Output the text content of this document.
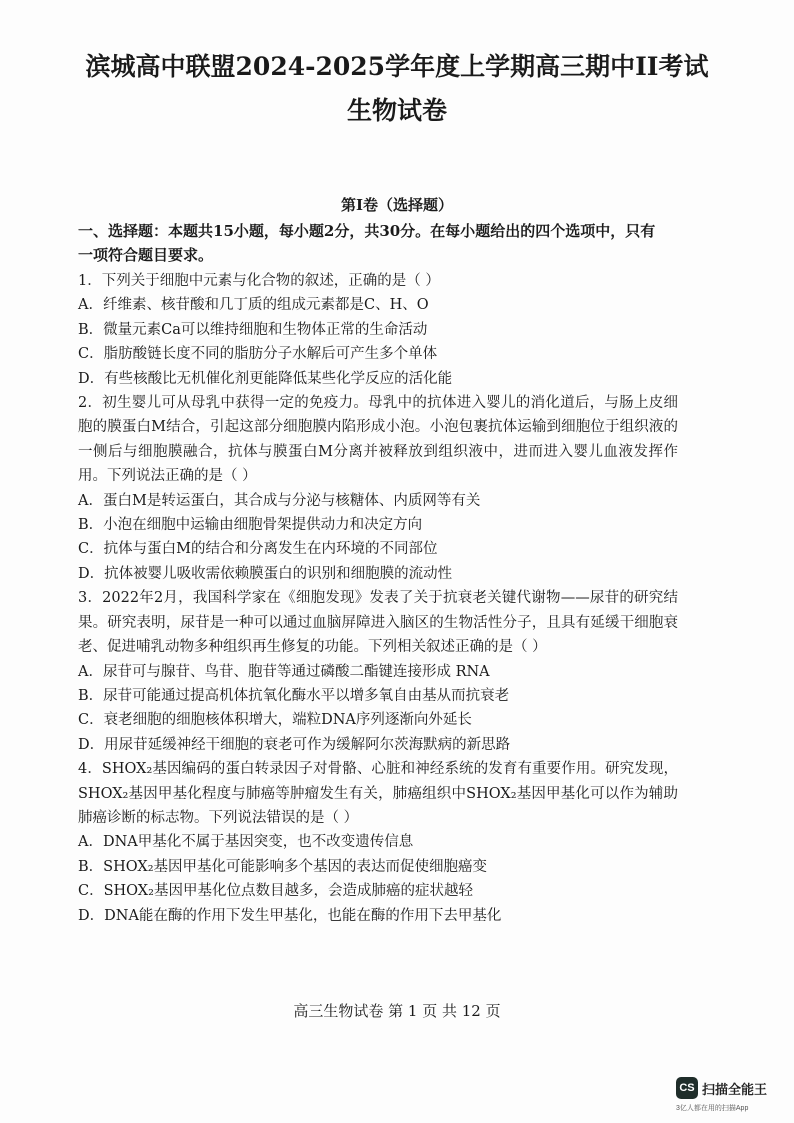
滨城高中联盟2024-2025学年度上学期高三期中II考试
生物试卷
第Ⅰ卷（选择题）
一、选择题：本题共15小题，每小题2分，共30分。在每小题给出的四个选项中，只有一项符合题目要求。

1．下列关于细胞中元素与化合物的叙述，正确的是（ ）

A．纤维素、核苷酸和几丁质的组成元素都是C、H、O

B．微量元素Ca可以维持细胞和生物体正常的生命活动

C．脂肪酸链长度不同的脂肪分子水解后可产生多个单体

D．有些核酸比无机催化剂更能降低某些化学反应的活化能

2．初生婴儿可从母乳中获得一定的免疫力。母乳中的抗体进入婴儿的消化道后，与肠上皮细胞的膜蛋白M结合，引起这部分细胞膜内陷形成小泡。小泡包裹抗体运输到细胞位于组织液的一侧后与细胞膜融合，抗体与膜蛋白M分离并被释放到组织液中，进而进入婴儿血液发挥作用。下列说法正确的是（ ）

A．蛋白M是转运蛋白，其合成与分泌与核糖体、内质网等有关

B．小泡在细胞中运输由细胞骨架提供动力和决定方向

C．抗体与蛋白M的结合和分离发生在内环境的不同部位

D．抗体被婴儿吸收需依赖膜蛋白的识别和细胞膜的流动性

3．2022年2月，我国科学家在《细胞发现》发表了关于抗衰老关键代谢物——尿苷的研究结果。研究表明，尿苷是一种可以通过血脑屏障进入脑区的生物活性分子，且具有延缓干细胞衰老、促进哺乳动物多种组织再生修复的功能。下列相关叙述正确的是（ ）

A．尿苷可与腺苷、鸟苷、胞苷等通过磷酸二酯键连接形成 RNA

B．尿苷可能通过提高机体抗氧化酶水平以增多氧自由基从而抗衰老

C．衰老细胞的细胞核体积增大，端粒DNA序列逐渐向外延长

D．用尿苷延缓神经干细胞的衰老可作为缓解阿尔茨海默病的新思路

4．SHOX₂基因编码的蛋白转录因子对骨骼、心脏和神经系统的发育有重要作用。研究发现，SHOX₂基因甲基化程度与肺癌等肿瘤发生有关，肺癌组织中SHOX₂基因甲基化可以作为辅助肺癌诊断的标志物。下列说法错误的是（ ）

A．DNA甲基化不属于基因突变，也不改变遗传信息

B．SHOX₂基因甲基化可能影响多个基因的表达而促使细胞癌变

C．SHOX₂基因甲基化位点数目越多，会造成肺癌的症状越轻

D．DNA能在酶的作用下发生甲基化，也能在酶的作用下去甲基化

高三生物试卷 第 1 页 共 12 页
CS 扫描全能王
3亿人都在用的扫描App
